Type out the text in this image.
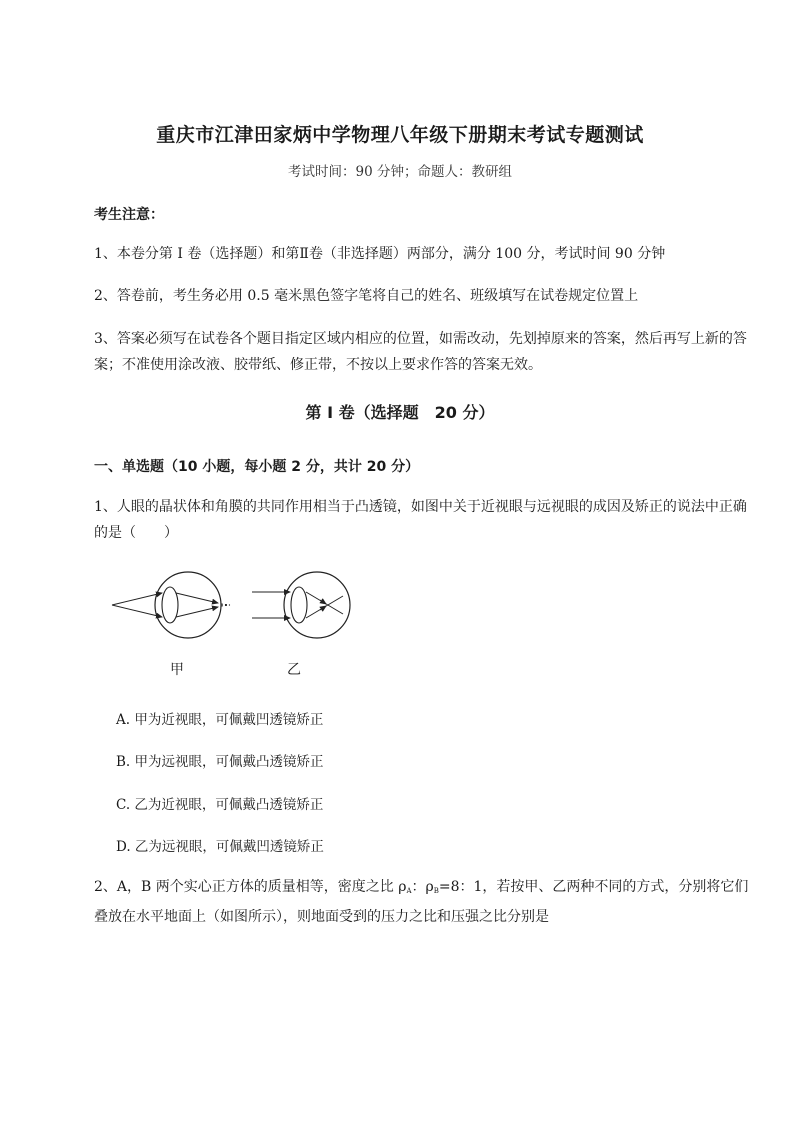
重庆市江津田家炳中学物理八年级下册期末考试专题测试
考试时间：90 分钟；命题人：教研组
考生注意：
1、本卷分第 I 卷（选择题）和第Ⅱ卷（非选择题）两部分，满分 100 分，考试时间 90 分钟
2、答卷前，考生务必用 0.5 毫米黑色签字笔将自己的姓名、班级填写在试卷规定位置上
3、答案必须写在试卷各个题目指定区域内相应的位置，如需改动，先划掉原来的答案，然后再写上新的答案；不准使用涂改液、胶带纸、修正带，不按以上要求作答的答案无效。
第 I 卷（选择题　20 分）
一、单选题（10 小题，每小题 2 分，共计 20 分）
1、人眼的晶状体和角膜的共同作用相当于凸透镜，如图中关于近视眼与远视眼的成因及矫正的说法中正确的是（　　）
甲	乙
A. 甲为近视眼，可佩戴凹透镜矫正
B. 甲为远视眼，可佩戴凸透镜矫正
C. 乙为近视眼，可佩戴凸透镜矫正
D. 乙为远视眼，可佩戴凹透镜矫正
2、A，B 两个实心正方体的质量相等，密度之比 $\rho_A$：$\rho_B=8$：1，若按甲、乙两种不同的方式，分别将它们叠放在水平地面上（如图所示），则地面受到的压力之比和压强之比分别是
